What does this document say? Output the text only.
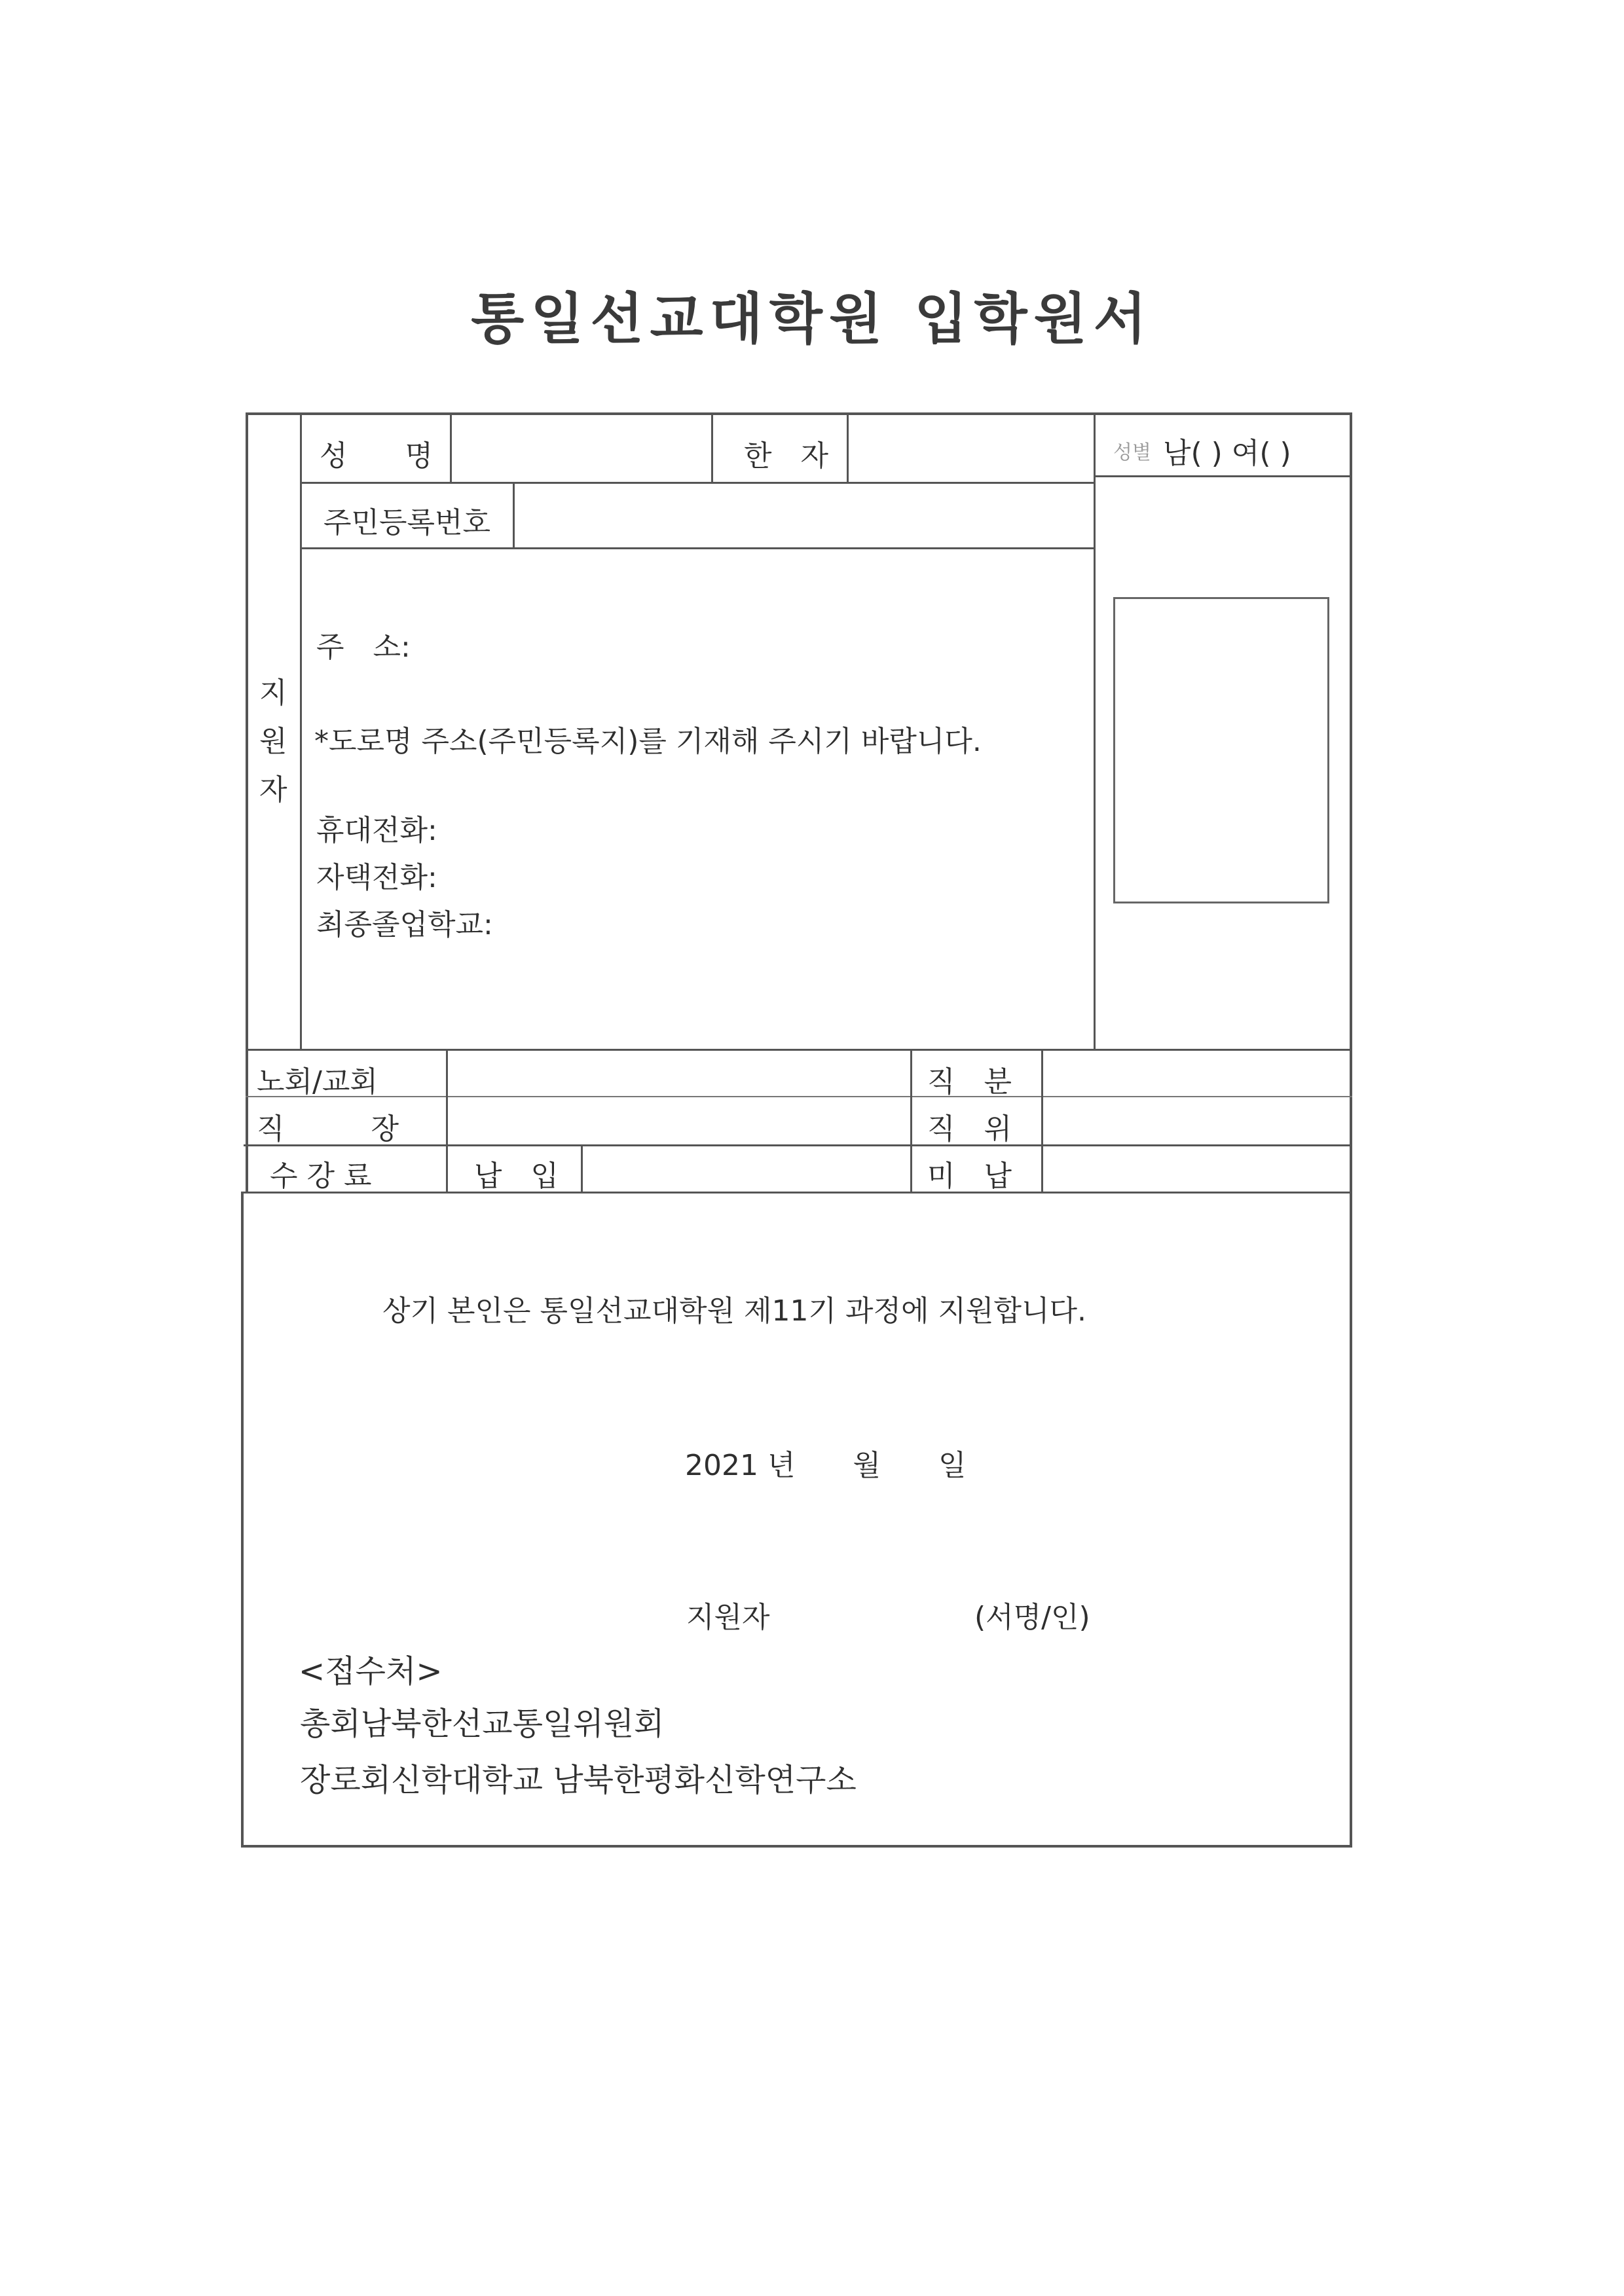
통일선교대학원 입학원서
지
원
자
성　　명	한　자	성별 남( ) 여( )
주민등록번호
주　소:
*도로명 주소(주민등록지)를 기재해 주시기 바랍니다.
휴대전화:
자택전화:
최종졸업학교:
노회/교회	직　분
직　　　장	직　위
수 강 료	납　입	미　납
상기 본인은 통일선교대학원 제11기 과정에 지원합니다.
2021 년　　월　　일
지원자	(서명/인)
<접수처>
총회남북한선교통일위원회
장로회신학대학교 남북한평화신학연구소
